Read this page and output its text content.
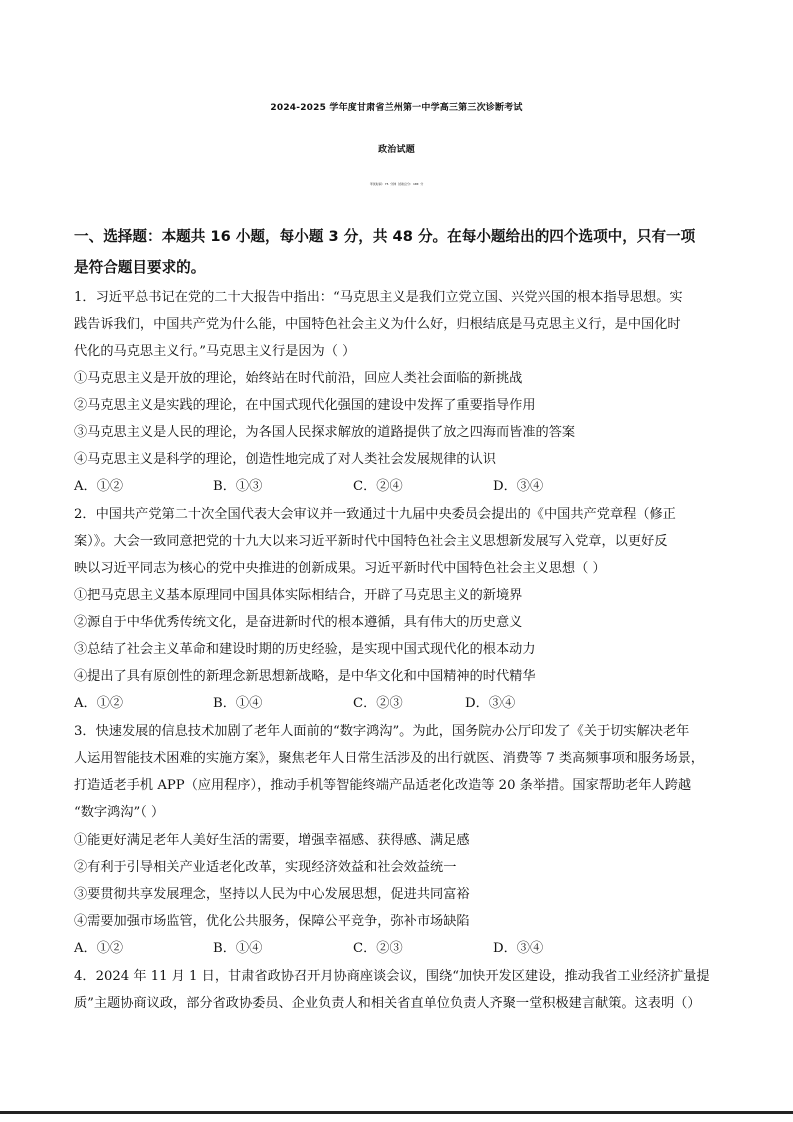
2024-2025 学年度甘肃省兰州第一中学高三第三次诊断考试
政治试题
考试时间：75 分钟 试卷总分：100 分
一、选择题：本题共 16 小题，每小题 3 分，共 48 分。在每小题给出的四个选项中，只有一项
是符合题目要求的。
1．习近平总书记在党的二十大报告中指出：“马克思主义是我们立党立国、兴党兴国的根本指导思想。实
践告诉我们，中国共产党为什么能，中国特色社会主义为什么好，归根结底是马克思主义行，是中国化时
代化的马克思主义行。”马克思主义行是因为（ ）
①马克思主义是开放的理论，始终站在时代前沿，回应人类社会面临的新挑战
②马克思主义是实践的理论，在中国式现代化强国的建设中发挥了重要指导作用
③马克思主义是人民的理论，为各国人民探求解放的道路提供了放之四海而皆准的答案
④马克思主义是科学的理论，创造性地完成了对人类社会发展规律的认识
A．①②	B．①③	C．②④	D．③④
2．中国共产党第二十次全国代表大会审议并一致通过十九届中央委员会提出的《中国共产党章程（修正
案）》。大会一致同意把党的十九大以来习近平新时代中国特色社会主义思想新发展写入党章，以更好反
映以习近平同志为核心的党中央推进的创新成果。习近平新时代中国特色社会主义思想（ ）
①把马克思主义基本原理同中国具体实际相结合，开辟了马克思主义的新境界
②源自于中华优秀传统文化，是奋进新时代的根本遵循，具有伟大的历史意义
③总结了社会主义革命和建设时期的历史经验，是实现中国式现代化的根本动力
④提出了具有原创性的新理念新思想新战略，是中华文化和中国精神的时代精华
A．①②	B．①④	C．②③	D．③④
3．快速发展的信息技术加剧了老年人面前的“数字鸿沟”。为此，国务院办公厅印发了《关于切实解决老年
人运用智能技术困难的实施方案》，聚焦老年人日常生活涉及的出行就医、消费等 7 类高频事项和服务场景，
打造适老手机 APP（应用程序），推动手机等智能终端产品适老化改造等 20 条举措。国家帮助老年人跨越
“数字鸿沟”（ ）
①能更好满足老年人美好生活的需要，增强幸福感、获得感、满足感
②有利于引导相关产业适老化改革，实现经济效益和社会效益统一
③要贯彻共享发展理念，坚持以人民为中心发展思想，促进共同富裕
④需要加强市场监管，优化公共服务，保障公平竞争，弥补市场缺陷
A．①②	B．①④	C．②③	D．③④
4．2024 年 11 月 1 日，甘肃省政协召开月协商座谈会议，围绕“加快开发区建设，推动我省工业经济扩量提
质”主题协商议政，部分省政协委员、企业负责人和相关省直单位负责人齐聚一堂积极建言献策。这表明（）
